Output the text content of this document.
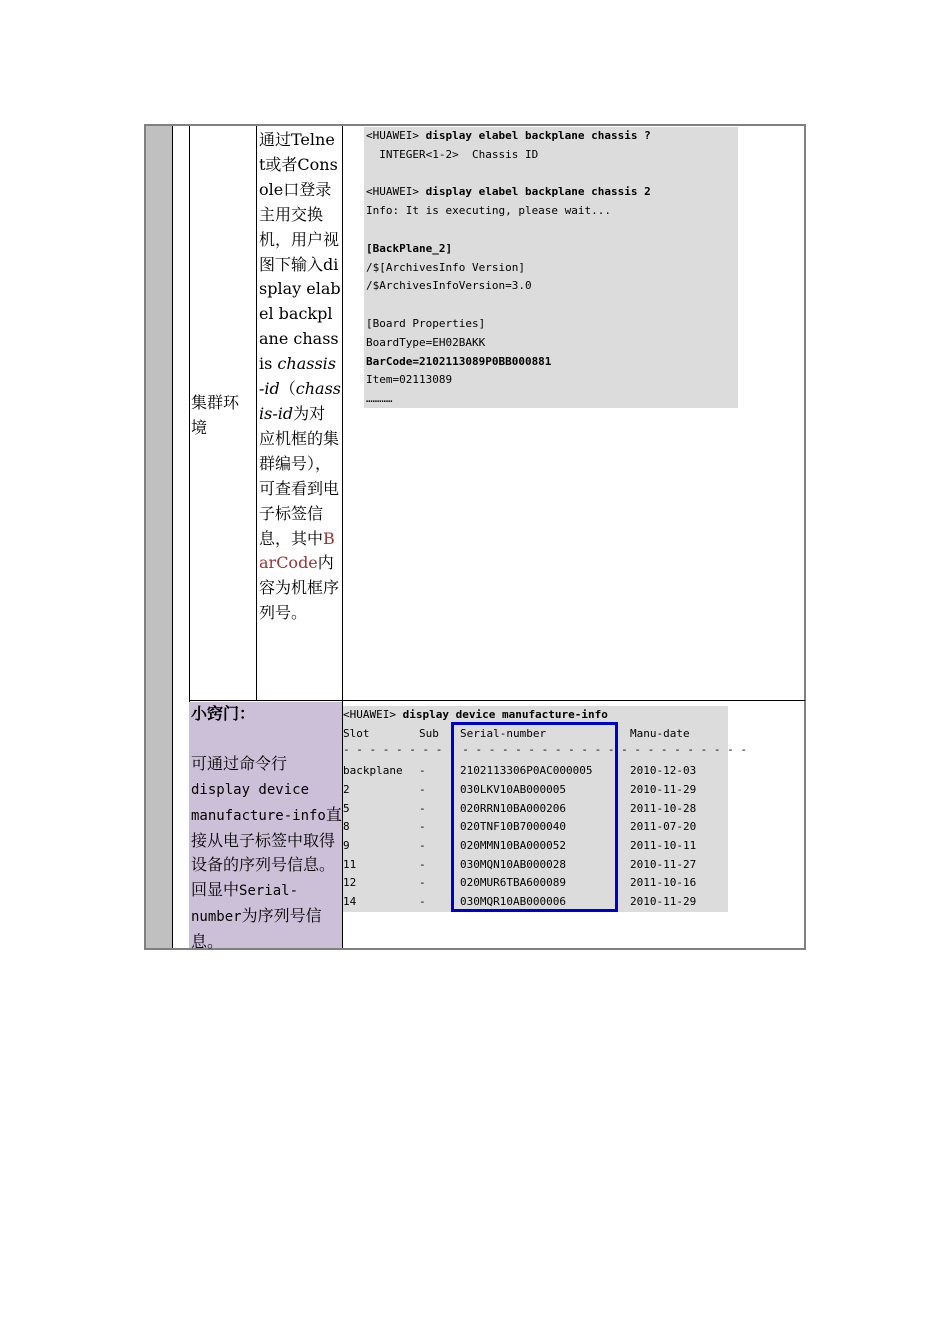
集群环境
通过Telnet或者Console口登录主用交换机，用户视图下输入display elabel backplane chassis chassis-id（chassis-id为对应机框的集群编号），可查看到电子标签信息，其中BarCode内容为机框序列号。

<HUAWEI> display elabel backplane chassis ?
INTEGER<1-2>  Chassis ID
<HUAWEI> display elabel backplane chassis 2
Info: It is executing, please wait...
[BackPlane_2]
/$[ArchivesInfo Version]
/$ArchivesInfoVersion=3.0
[Board Properties]
BoardType=EH02BAKK
BarCode=2102113089P0BB000881
Item=02113089
…………

小窍门：
可通过命令行display device manufacture-info直接从电子标签中取得设备的序列号信息。回显中Serial-number为序列号信息。
<HUAWEI> display device manufacture-info
Slot	Sub Serial-number	Manu-date
- - - - - - - - - - - - - - - - - - - - - - - - - - - - - - -
backplane -	2102113306P0AC000005	2010-12-03
2	-	030LKV10AB000005	2010-11-29
5	-	020RRN10BA000206	2011-10-28
8	-	020TNF10B7000040	2011-07-20
9	-	020MMN10BA000052	2011-10-11
11	-	030MQN10AB000028	2010-11-27
12	-	020MUR6TBA600089	2011-10-16
14	-	030MQR10AB000006	2010-11-29
